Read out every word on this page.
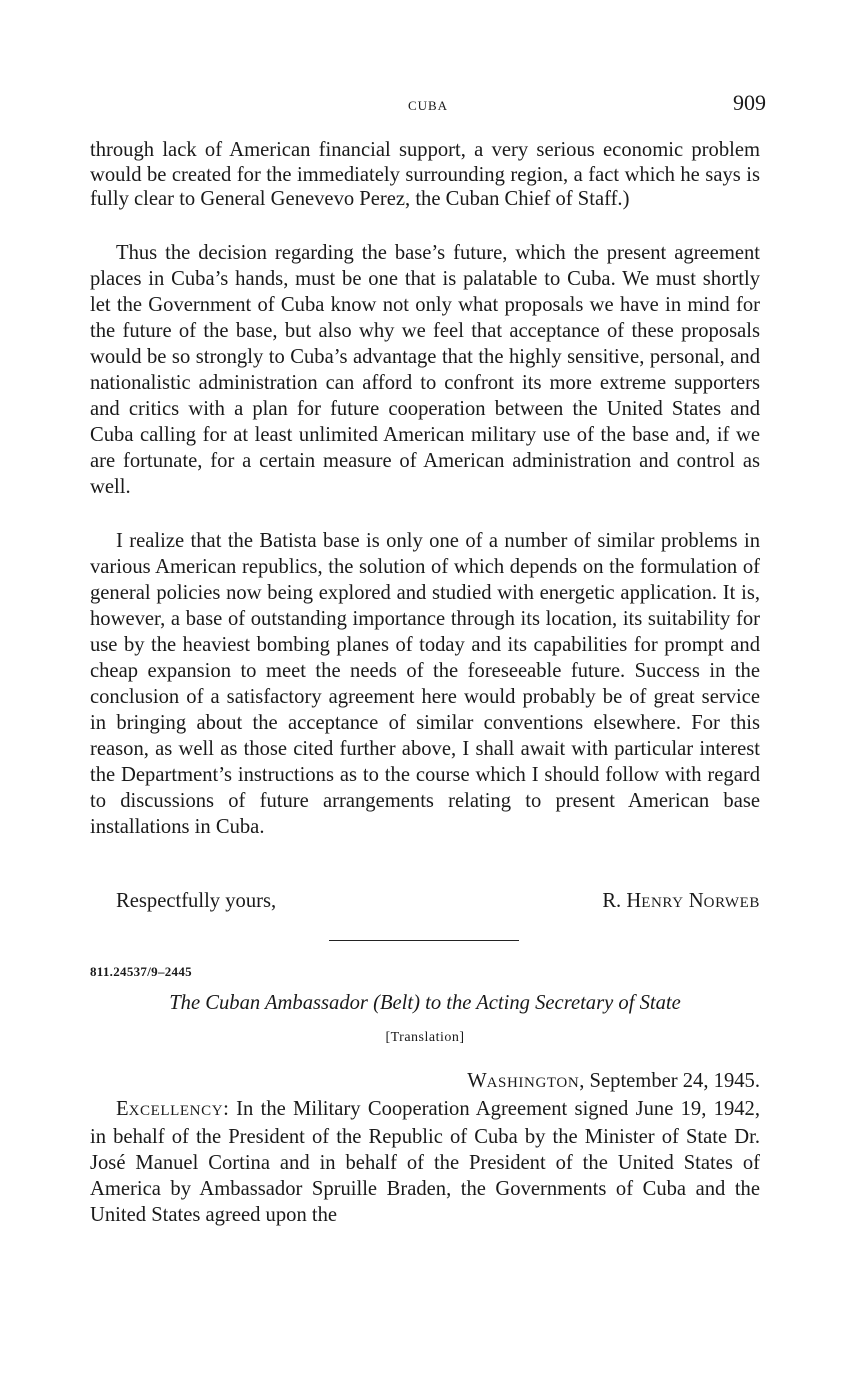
CUBA	909

through lack of American financial support, a very serious economic problem would be created for the immediately surrounding region, a fact which he says is fully clear to General Genevevo Perez, the Cuban Chief of Staff.)

Thus the decision regarding the base’s future, which the present agreement places in Cuba’s hands, must be one that is palatable to Cuba. We must shortly let the Government of Cuba know not only what proposals we have in mind for the future of the base, but also why we feel that acceptance of these proposals would be so strongly to Cuba’s advantage that the highly sensitive, personal, and nationalistic administration can afford to confront its more extreme supporters and critics with a plan for future cooperation between the United States and Cuba calling for at least unlimited American military use of the base and, if we are fortunate, for a certain measure of American administration and control as well.

I realize that the Batista base is only one of a number of similar problems in various American republics, the solution of which depends on the formulation of general policies now being explored and studied with energetic application. It is, however, a base of outstanding importance through its location, its suitability for use by the heaviest bombing planes of today and its capabilities for prompt and cheap expansion to meet the needs of the foreseeable future. Success in the conclusion of a satisfactory agreement here would probably be of great service in bringing about the acceptance of similar conventions elsewhere. For this reason, as well as those cited further above, I shall await with particular interest the Department’s instructions as to the course which I should follow with regard to discussions of future arrangements relating to present American base installations in Cuba.

Respectfully yours,	R. HENRY NORWEB
811.24537/9–2445
The Cuban Ambassador (Belt) to the Acting Secretary of State
[Translation]
WASHINGTON, September 24, 1945.

EXCELLENCY: In the Military Cooperation Agreement signed June 19, 1942, in behalf of the President of the Republic of Cuba by the Minister of State Dr. José Manuel Cortina and in behalf of the President of the United States of America by Ambassador Spruille Braden, the Governments of Cuba and the United States agreed upon the
